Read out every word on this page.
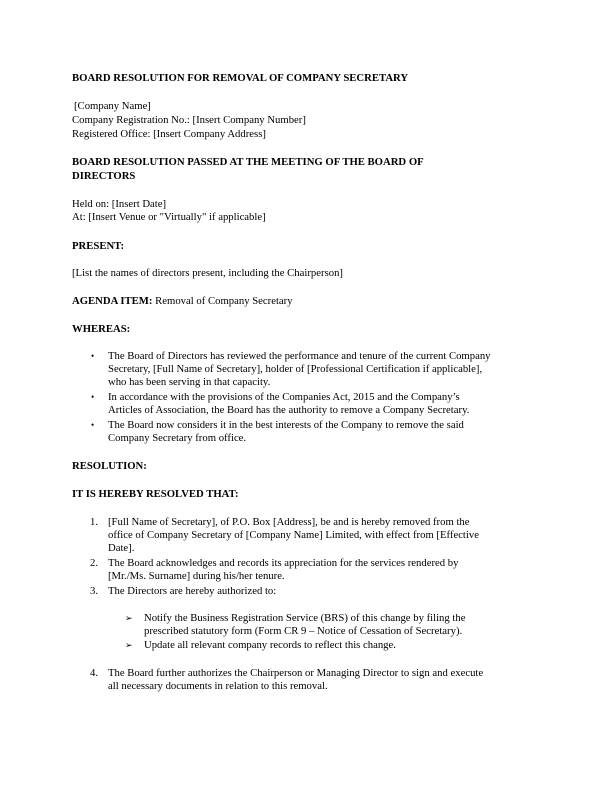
BOARD RESOLUTION FOR REMOVAL OF COMPANY SECRETARY
[Company Name]
Company Registration No.: [Insert Company Number]
Registered Office: [Insert Company Address]
BOARD RESOLUTION PASSED AT THE MEETING OF THE BOARD OF
DIRECTORS
Held on: [Insert Date]
At: [Insert Venue or "Virtually" if applicable]
PRESENT:
[List the names of directors present, including the Chairperson]
AGENDA ITEM: Removal of Company Secretary
WHEREAS:
• The Board of Directors has reviewed the performance and tenure of the current Company
Secretary, [Full Name of Secretary], holder of [Professional Certification if applicable],
who has been serving in that capacity.
• In accordance with the provisions of the Companies Act, 2015 and the Company’s
Articles of Association, the Board has the authority to remove a Company Secretary.
• The Board now considers it in the best interests of the Company to remove the said
Company Secretary from office.
RESOLUTION:
IT IS HEREBY RESOLVED THAT:
1. [Full Name of Secretary], of P.O. Box [Address], be and is hereby removed from the
office of Company Secretary of [Company Name] Limited, with effect from [Effective
Date].
2. The Board acknowledges and records its appreciation for the services rendered by
[Mr./Ms. Surname] during his/her tenure.
3. The Directors are hereby authorized to:
➢ Notify the Business Registration Service (BRS) of this change by filing the
prescribed statutory form (Form CR 9 – Notice of Cessation of Secretary).
➢ Update all relevant company records to reflect this change.
4. The Board further authorizes the Chairperson or Managing Director to sign and execute
all necessary documents in relation to this removal.
